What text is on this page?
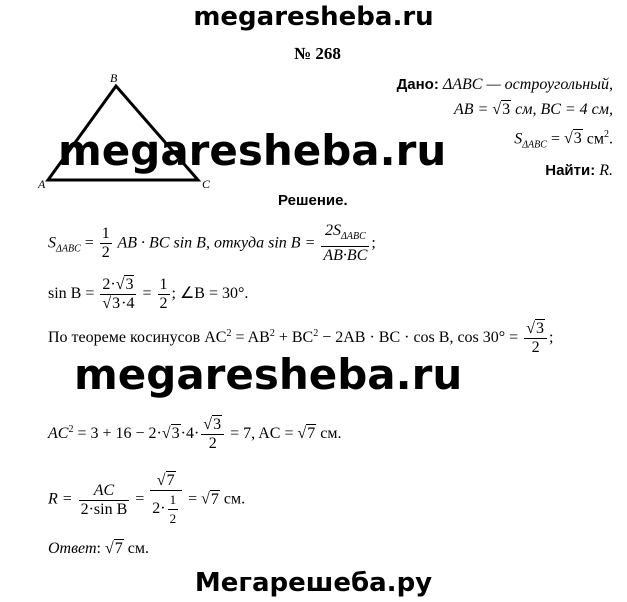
megaresheba.ru
№ 268
B
A	C
Дано: ΔABC — остроугольный,
AB = √3 см, BC = 4 см,
$S_{\Delta ABC} = √3$ $см^2$.
Найти: R.
megaresheba.ru
Решение.
$S_{\Delta ABC} = \frac{1}{2}$ AB · BC sin B, откуда $\sin B = \frac{2S_{\Delta ABC}}{AB\cdot BC}$ ;
$\sin B = \frac{2\cdot√3}{√3\cdot 4} = \frac{1}{2}$ ; ∠B = 30°.
По теореме косинусов $AC^2 = AB^2 + BC^2 - 2AB$ · BC · cos B, $\cos 30^\circ = \frac{√3}{2}$ ;
megaresheba.ru
$AC^2 = 3 + 16 - 2\cdot√3\cdot 4\cdot \frac{√3}{2} = 7$, AC = √7 см.
$R = \frac{AC}{\text{2·sin B}} = \frac{√7}{2\cdot \frac{1}{2}} = √7$ см.
Ответ: √7 см.
Мегарешеба.ру
